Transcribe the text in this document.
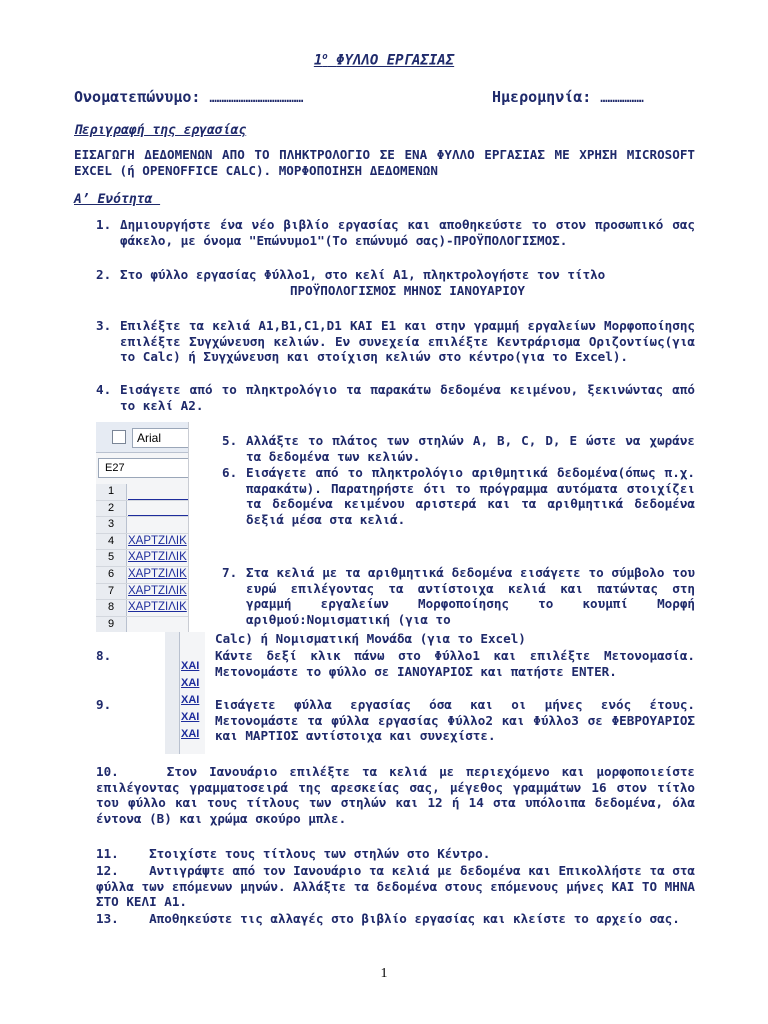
$1^o$ ΦΥΛΛΟ ΕΡΓΑΣΙΑΣ
Ονοματεπώνυμο: …………………………………	Ημερομηνία: ………………
Περιγραφή της εργασίας
ΕΙΣΑΓΩΓΗ ΔΕΔΟΜΕΝΩΝ ΑΠΟ ΤΟ ΠΛΗΚΤΡΟΛΟΓΙΟ ΣΕ ΕΝΑ ΦΥΛΛΟ ΕΡΓΑΣΙΑΣ ΜΕ ΧΡΗΣΗ MICROSOFT EXCEL (ή OPENOFFICE CALC). ΜΟΡΦΟΠΟΙΗΣΗ ΔΕΔΟΜΕΝΩΝ
Α’ Ενότητα
1. Δημιουργήστε ένα νέο βιβλίο εργασίας και αποθηκεύστε το στον προσωπικό σας φάκελο, με όνομα "Επώνυμο1"(Το επώνυμό σας)-ΠΡΟΫΠΟΛΟΓΙΣΜΟΣ.
2. Στο φύλλο εργασίας Φύλλο1, στο κελί Α1, πληκτρολογήστε τον τίτλο
ΠΡΟΫΠΟΛΟΓΙΣΜΟΣ ΜΗΝΟΣ ΙΑΝΟΥΑΡΙΟΥ
3. Επιλέξτε τα κελιά Α1,Β1,C1,D1 ΚΑΙ Ε1 και στην γραμμή εργαλείων Μορφοποίησης επιλέξτε Συγχώνευση κελιών. Εν συνεχεία επιλέξτε Κεντράρισμα Οριζοντίως(για το Calc) ή Συγχώνευση και στοίχιση κελιών στο κέντρο(για το Excel).
4. Εισάγετε από το πληκτρολόγιο τα παρακάτω δεδομένα κειμένου, ξεκινώντας από το κελί Α2.
Arial
E27
1
2
3
4	ΧΑΡΤΖΙΛΙΚ
5	ΧΑΡΤΖΙΛΙΚ
6	ΧΑΡΤΖΙΛΙΚ
7	ΧΑΡΤΖΙΛΙΚ
8	ΧΑΡΤΖΙΛΙΚ
9
5. Αλλάξτε το πλάτος των στηλών A, B, C, D, E ώστε να χωράνε τα δεδομένα των κελιών.
6. Εισάγετε από το πληκτρολόγιο αριθμητικά δεδομένα(όπως π.χ. παρακάτω). Παρατηρήστε ότι το πρόγραμμα αυτόματα στοιχίζει τα δεδομένα κειμένου αριστερά και τα αριθμητικά δεδομένα δεξιά μέσα στα κελιά.
7. Στα κελιά με τα αριθμητικά δεδομένα εισάγετε το σύμβολο του ευρώ επιλέγοντας τα αντίστοιχα κελιά και πατώντας στη γραμμή εργαλείων Μορφοποίησης το κουμπί Μορφή αριθμού:Νομισματική (για το
Calc) ή Νομισματική Μονάδα (για το Excel)
ΧΑΙ
ΧΑΙ
ΧΑΙ
ΧΑΙ
ΧΑΙ
8.	Κάντε δεξί κλικ πάνω στο Φύλλο1 και επιλέξτε Μετονομασία. Μετονομάστε το φύλλο σε ΙΑΝΟΥΑΡΙΟΣ και πατήστε ENTER.
9.	Εισάγετε φύλλα εργασίας όσα και οι μήνες ενός έτους. Μετονομάστε τα φύλλα εργασίας Φύλλο2 και Φύλλο3 σε ΦΕΒΡΟΥΑΡΙΟΣ και ΜΑΡΤΙΟΣ αντίστοιχα και συνεχίστε.
10.	Στον Ιανουάριο επιλέξτε τα κελιά με περιεχόμενο και μορφοποιείστε επιλέγοντας γραμματοσειρά της αρεσκείας σας, μέγεθος γραμμάτων 16 στον τίτλο του φύλλο και τους τίτλους των στηλών και 12 ή 14 στα υπόλοιπα δεδομένα, όλα έντονα (Β) και χρώμα σκούρο μπλε.
11. Στοιχίστε τους τίτλους των στηλών στο Κέντρο.
12. Αντιγράψτε από τον Ιανουάριο τα κελιά με δεδομένα και Επικολλήστε τα στα φύλλα των επόμενων μηνών. Αλλάξτε τα δεδομένα στους επόμενους μήνες ΚΑΙ ΤΟ ΜΗΝΑ ΣΤΟ ΚΕΛΙ Α1.
13. Αποθηκεύστε τις αλλαγές στο βιβλίο εργασίας και κλείστε το αρχείο σας.
1
